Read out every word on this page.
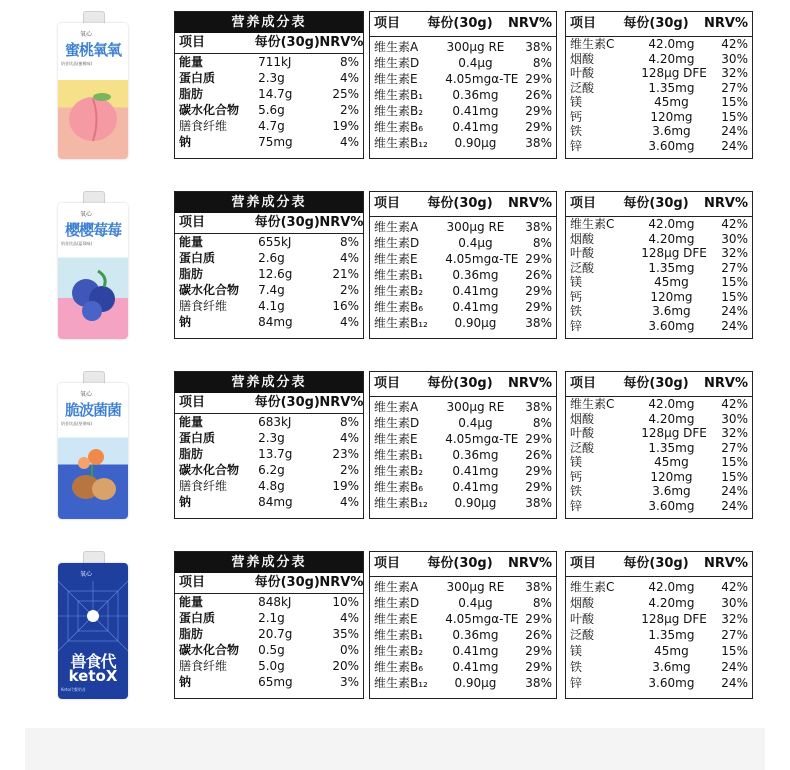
氧心
蜜桃氧氧
奶昔饮品(蜜桃味)
营养成分表
项目	每份(30g) NRV%
能量	711kJ	8%
蛋白质	2.3g	4%
脂肪	14.7g	25%
碳水化合物	5.6g	2%
膳食纤维	4.7g	19%
钠	75mg	4%
项目	每份(30g)	NRV%
维生素A	300μg RE	38%
维生素D	0.4μg	8%
维生素E	4.05mgα-TE 29%
维生素B₁	0.36mg	26%
维生素B₂	0.41mg	29%
维生素B₆	0.41mg	29%
维生素B₁₂	0.90μg	38%
项目	每份(30g)	NRV%
维生素C	42.0mg	42%
烟酸	4.20mg	30%
叶酸	128μg DFE	32%
泛酸	1.35mg	27%
镁	45mg	15%
钙	120mg	15%
铁	3.6mg	24%
锌	3.60mg	24%
氧心
樱樱莓莓
奶昔饮品(蓝莓味)
营养成分表
项目	每份(30g) NRV%
能量	655kJ	8%
蛋白质	2.6g	4%
脂肪	12.6g	21%
碳水化合物	7.4g	2%
膳食纤维	4.1g	16%
钠	84mg	4%
项目	每份(30g)	NRV%
维生素A	300μg RE	38%
维生素D	0.4μg	8%
维生素E	4.05mgα-TE 29%
维生素B₁	0.36mg	26%
维生素B₂	0.41mg	29%
维生素B₆	0.41mg	29%
维生素B₁₂	0.90μg	38%
项目	每份(30g)	NRV%
维生素C	42.0mg	42%
烟酸	4.20mg	30%
叶酸	128μg DFE	32%
泛酸	1.35mg	27%
镁	45mg	15%
钙	120mg	15%
铁	3.6mg	24%
锌	3.60mg	24%
氧心
脆波菌菌
奶昔饮品(坚果味)
营养成分表
项目	每份(30g) NRV%
能量	683kJ	8%
蛋白质	2.3g	4%
脂肪	13.7g	23%
碳水化合物	6.2g	2%
膳食纤维	4.8g	19%
钠	84mg	4%
项目	每份(30g)	NRV%
维生素A	300μg RE	38%
维生素D	0.4μg	8%
维生素E	4.05mgα-TE 29%
维生素B₁	0.36mg	26%
维生素B₂	0.41mg	29%
维生素B₆	0.41mg	29%
维生素B₁₂	0.90μg	38%
项目	每份(30g)	NRV%
维生素C	42.0mg	42%
烟酸	4.20mg	30%
叶酸	128μg DFE	32%
泛酸	1.35mg	27%
镁	45mg	15%
钙	120mg	15%
铁	3.6mg	24%
锌	3.60mg	24%
氧心
兽食代
ketoX
Keto代餐奶昔
营养成分表
项目	每份(30g) NRV%
能量	848kJ	10%
蛋白质	2.1g	4%
脂肪	20.7g	35%
碳水化合物	0.5g	0%
膳食纤维	5.0g	20%
钠	65mg	3%
项目	每份(30g)	NRV%
维生素A	300μg RE	38%
维生素D	0.4μg	8%
维生素E	4.05mgα-TE 29%
维生素B₁	0.36mg	26%
维生素B₂	0.41mg	29%
维生素B₆	0.41mg	29%
维生素B₁₂	0.90μg	38%
项目	每份(30g)	NRV%
维生素C	42.0mg	42%
烟酸	4.20mg	30%
叶酸	128μg DFE	32%
泛酸	1.35mg	27%
镁	45mg	15%
铁	3.6mg	24%
锌	3.60mg	24%
